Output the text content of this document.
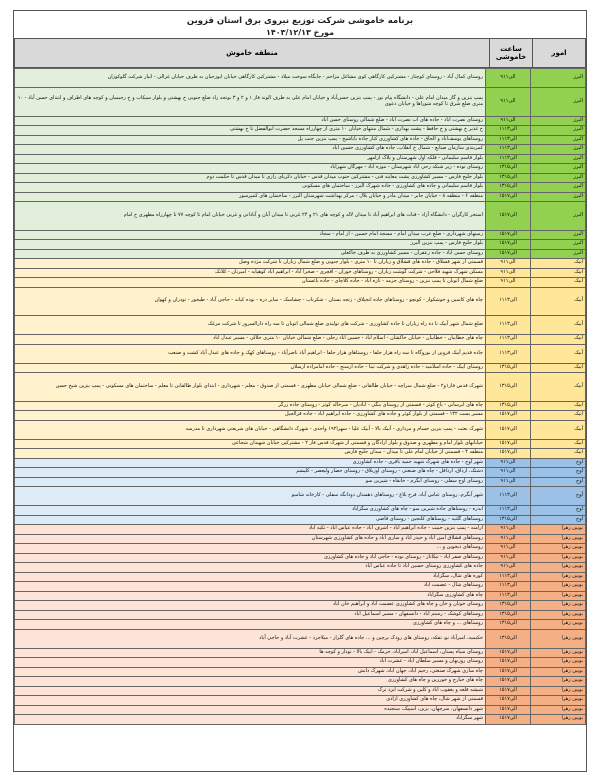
برنامه خاموشی شرکت توزیع نیروی برق استان قزوین
مورخ ۱۴۰۳/۱۲/۱۳
منطقه خاموش	ساعت خاموشی	امور
روستای کمال آباد - روستای کوچنار - مشترکین کارگاهی کوی مشاغل مزاحم - جایگاه سوخت میلاد - مشترکین کارگاهی خیابان ابوزحیان به طرف خیابان غزالی - انبار شرکت گلوکوزان	۹الی۱۱	البرز
پمپ بنزین و گاز میدان امام علی - دانشگاه پیام نور - پمپ بنزین حسن‌آباد و خیابان امام علی به طرف الوند فاز ۱ و ۲ و ۳ بوتجه زاد ضلع جنوبی خ بهشتی و بلوار سپکاب و خ رحیمیان و کوچه های اطراف و ابتدای حسن آباد - ۱۰ متری ضلع شرق تا کوچه شوراها و خیابان دعوی	۹الی۱۱	البرز
روستای نصرت آباد - جاده های آب نصرت آباد - ضلع شمالی روستای حسن آباد	۹الی۱۱	البرز
خ غدیر خ بهشتی و خ حافظ - پشت بهداری - شمال منتهای خیابان ۱۰ متری از چهارراه مسجد حضرت ابوالفضل تا خ بهشتی	۱۱الی۱۳	البرز
روستاهای یوسف‌آباد و الحاق - جاده های کشاورزی کنار جاده بابا‌شیخ - پمپ بنزین جنب پل	۱۱الی۱۳	البرز
کمربندی سازمان صنایع - شمال خ انقلاب، جاده های کشاورزی حسین آباد	۱۱الی۱۳	البرز
بلوار قاسم سلیمانی - فلکه اول شهرستان و پلاک آرامهر	۱۱الی۱۳	البرز
روستای نوده - زیر شبکه رحی آباد شهرستان - موزه آباد - مهرگان شهرآباد	۱۳الی۱۵	البرز
بلوار خلیج فارس - مسیر کشاورزی پشت معاینه فنی - مشترکین جنوب میدان قدس - خیابان ذکریای رازی تا میدان قدس تا حکمت دوم	۱۳الی۱۵	البرز
بلوار قاسم سلیمانی و جاده های کشاورزی - جاده شهرک البرز - ساختمان های مسکونی	۱۳الی۱۵	البرز
منطقه ۶ - منطقه ۸ - خیابان جابر - میدان مادر و خیابان بلال - مرکز بهداشت شهرستان البرز - ساختمان های کمپرسور	۱۵الی۱۷	البرز
استخر کارگران - دانشگاه آزاد - قنات های ابراهیم آباد تا میدان لاله و کوچه های ۲۱ و ۲۴ غربی تا میدان آبان و آبادانی و غربی خیابان امام تا کوچه ۷۷ تا چهارراه مطهری خ امام	۱۵الی۱۷	البرز
زمینهای شهرداری - ضلع غرب میدان امام - مسجد امام حسین - از امام - سجاد	۱۵الی۱۷	البرز
بلوار خلیج فارس - پمپ بنزین البرز	۱۵الی۱۷	البرز
روستای حسن آباد - جاده زعفران - مسیر کشاورزی به طرف خاکعلی	۱۵الی۱۷	البرز
قسمتی از شهر قشلاق - جاده های قشلاق و زیاران تا ۱۰ متری - بلوار جنوبی و ضلع شمال زیاران تا شرکت مژده وصل	۹الی۱۱	آبیک
مسکن شهرک شهید فلاحی - شرکت گوشت زیاران - روستاهای خوزان - آقچری - صحرا آباد - ابراهیم آباد کوهپایه - امیرنان - کلانک	۹الی۱۱	آبیک
ضلع شمال اتوبان تا پمپ بنزین - روستای جزمه - تازه آباد - جاده کلاچای - جاده باغستان	۹الی۱۱	آبیک
چاه های کاسین و خوشکوار - کونچو - روستاهای جاده انجیلاق - زنجه بستان - شکرناب - چشاسک - سایر دره - نوده کیانه - حاجی آباد - طیخور - تودران و کهوان	۱۱الی۱۳	آبیک
ضلع شمال شهر آبیک تا ده راه زیاران تا جاده کشاورزی - شرکت های تولیدی ضلع شمالی اتوبان تا سه راه دارالسرور تا شرکت مرغک	۱۱الی۱۳	آبیک
چاه های خطابیان - خطابیان - خیابان خاکشان - اسلام آباد - حسین آباد رحلی - ضلع شمالی خیابان ۱۰ متری جلالی - مسیر عبدل آباد	۱۱الی۱۳	آبیک
جاده قدیم آبیک قزوین از نوروگاه تا سه راه هزار جلفا - روستاهای هزار جلفا - ابراهیم آباد ناصرآباد - روستاهای کهک و جاده های عبدل آباد کشت و صنعت	۱۱الی۱۳	آبیک
روستای آبیک - جاده اسلامیه - جاده زاهدی و شرکت تینا - جاده آرسنج - جاده امامزاده ارسلان	۱۳الی۱۵	آبیک
شهرک قدس فاز۱و۲ - ضلع شمال سراچه - خیابان طالقانی - ضلع شمالی خیابان مطهری - قسمتی از صدوق - معلم - شهرداری - ابتدای بلوار طالقانی تا معلم - ساختمان های مسکونی - پمپ بنزین شیخ حسن	۱۳الی۱۵	آبیک
چاه های آبرسانی - باغ کوثر - قسمتی از روستای ینگی - آبادیان - سرخاله کوثر - روستای جاده زرگر	۱۳الی۱۵	آبیک
مسیر پست ۱۳۲ - قسمتی از بلوار کوثر و جاده های کشاورزی - جاده ابراهیم آباد - جاده قزالجیل	۱۵الی۱۷	آبیک
شهرک بعثت - پمپ بنزین حسام و مرداری - آبیک بالا - آبیک علیا - سهرا۱۹۲ واحدی - شهرک دانشگاهی - خیابان های شریعتی شهرداری تا مدرسه	۱۵الی۱۷	آبیک
خیابانهای بلوار امام و مطهری و صدوق و بلوار آزادگان و قسمتی از شهرک قدس فاز ۲ - مشترکین خیابان شهیدان شجاعی	۱۵الی۱۷	آبیک
منطقه ۴ - قسمتی از خیابان امام علی تا میدان - میدان خلیج فارس	۱۵الی۱۷	آبیک
شهر آوج - جاده های شهرک شهید حمید باقری - جاده کشاورزی	۹الی۱۱	آوج
دشتک، ارداق، ارداقل - چاه های صنعتی - روستای اوزبلاق - روستای حصار ولیعصر - کلیشم	۹الی۱۱	آوج
روستای آوج سفلی - روستای آبگرم - خانقاه - شیرین سو	۹الی۱۱	آوج
شهر آبگرم، روستای عباس آباد، فرخ بلاغ - روستاهای دهستان دودانگه سفلی - کارخانه شامبو	۱۱الی۱۳	آوج
آبدره - روستاهای جاده شیرین سو - چاه های کشاورزی سگزآباد	۱۱الی۱۳	آوج
روستاهای گلتپه - روستاهای کلنجین - روستای قاضی	۱۳الی۱۵	آوج
ارامنه - پمپ بنزین حبیب - جاده ابراهیم آباد - اشرف آباد - جاده عباس آباد - تکیه آباد	۹الی۱۱	بویین زهرا
روستاهای قشلاق امین آباد و حیدر آباد و ساری آباد و جاده های کشاورزی شهرستان	۹الی۱۱	بویین زهرا
روستاهای دیخوین و ...	۹الی۱۱	بویین زهرا
روستاهای صفر آباد - تیکاناز - روستای نوده - حاجی آباد و جاده های کشاورزی	۹الی۱۱	بویین زهرا
جاده های کشاورزی روستای حسین آباد تا جاده عباس آباد	۹الی۱۱	بویین زهرا
کوره های شال، سگزآباد	۱۱الی۱۳	بویین زهرا
روستاهای شال - عصمت آباد	۱۱الی۱۳	بویین زهرا
چاه های کشاورزی سگزآباد	۱۱الی۱۳	بویین زهرا
روستای خونان و خان و چاه های کشاورزی عصمت آباد و ابراهیم خان آباد	۱۳الی۱۵	بویین زهرا
روستاهای کوشک - رستم آباد - دانسفهان - مسیر اسماعیل آباد	۱۳الی۱۵	بویین زهرا
روستاهای ... و چاه های کشاورزی	۱۳الی۱۵	بویین زهرا
حکیمیه، امیرآباد نو، تفکه، روستای های رودک پرچین و ... جاده های گلزار - میلاجرد - عشرت آباد و حاجی آباد	۱۳الی۱۵	بویین زهرا
روستای سیاه پستان، اسماعیل آباد، امیرآباد، خرمک - آبیک بالا - تودار و کوچه ها	۱۵الی۱۷	بویین زهرا
روستای روزبهان و مسیر سلطان آباد - عشرت آباد	۱۵الی۱۷	بویین زهرا
چاه سازی شهرک صنعتی، رحیم آباد، جهان آباد، شهرک دانش	۱۵الی۱۷	بویین زهرا
چاه های خیارج و خورزین و چاه های کشاورزی	۱۵الی۱۷	بویین زهرا
شیشه قلعه و یعقوب آباد و کلین و شرکت ایزد ترک	۱۵الی۱۷	بویین زهرا
قسمتی از شهر شال، چاه های کشاورزی آزادی	۱۵الی۱۷	بویین زهرا
شهر دانسفهان، سرچهان، بزین، اسپیک، سنجیده	۱۵الی۱۷	بویین زهرا
شهر سگزآباد	۱۵الی۱۷	بویین زهرا
